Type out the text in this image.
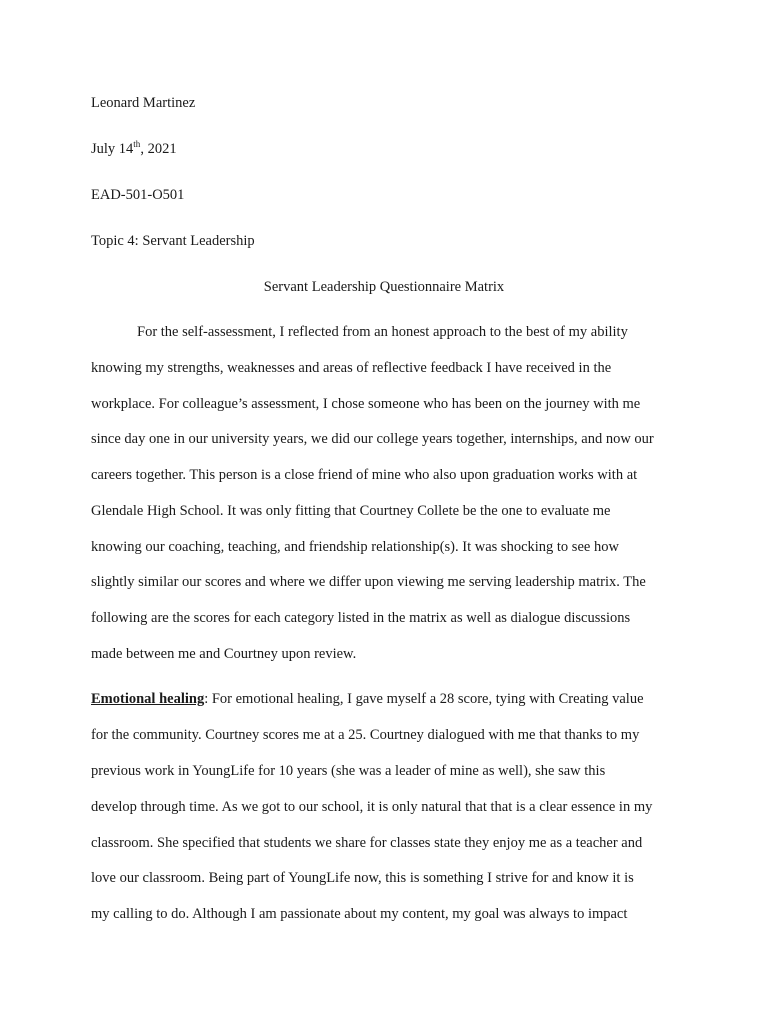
Leonard Martinez
July 14th, 2021
EAD-501-O501
Topic 4: Servant Leadership
Servant Leadership Questionnaire Matrix
For the self-assessment, I reflected from an honest approach to the best of my ability
knowing my strengths, weaknesses and areas of reflective feedback I have received in the
workplace. For colleague’s assessment, I chose someone who has been on the journey with me
since day one in our university years, we did our college years together, internships, and now our
careers together. This person is a close friend of mine who also upon graduation works with at
Glendale High School. It was only fitting that Courtney Collete be the one to evaluate me
knowing our coaching, teaching, and friendship relationship(s). It was shocking to see how
slightly similar our scores and where we differ upon viewing me serving leadership matrix. The
following are the scores for each category listed in the matrix as well as dialogue discussions
made between me and Courtney upon review.
Emotional healing: For emotional healing, I gave myself a 28 score, tying with Creating value
for the community. Courtney scores me at a 25. Courtney dialogued with me that thanks to my
previous work in YoungLife for 10 years (she was a leader of mine as well), she saw this
develop through time. As we got to our school, it is only natural that that is a clear essence in my
classroom. She specified that students we share for classes state they enjoy me as a teacher and
love our classroom. Being part of YoungLife now, this is something I strive for and know it is
my calling to do. Although I am passionate about my content, my goal was always to impact
